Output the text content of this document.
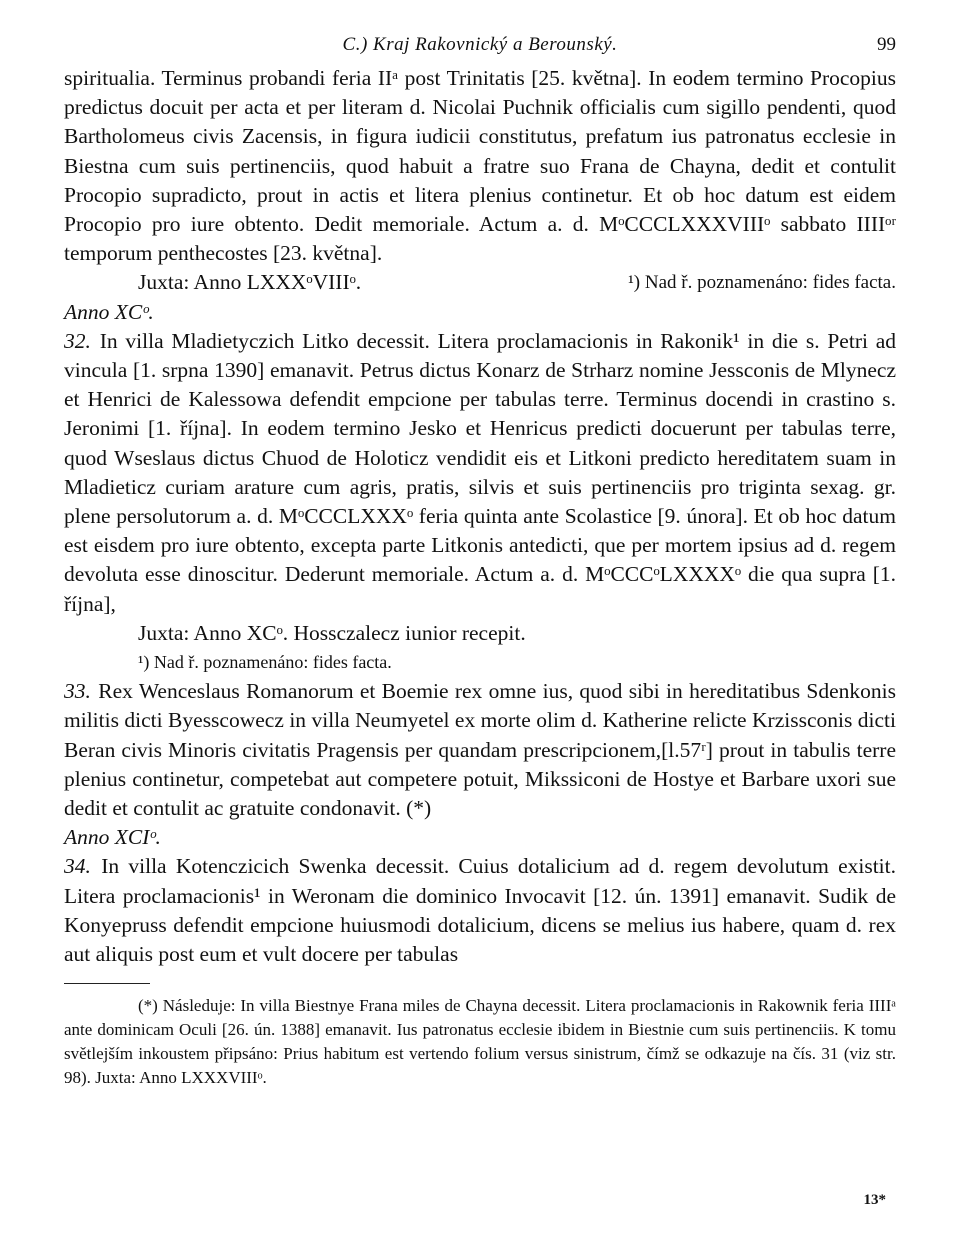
C.) Kraj Rakovnický a Berounský.	99

spiritualia. Terminus probandi feria IIᵃ post Trinitatis [25. května]. In eodem termino Procopius predictus docuit per acta et per literam d. Nicolai Puchnik officialis cum sigillo pendenti, quod Bartholomeus civis Zacensis, in figura iudicii constitutus, prefatum ius patronatus ecclesie in Biestna cum suis pertinenciis, quod habuit a fratre suo Frana de Chayna, dedit et contulit Procopio supradicto, prout in actis et litera plenius continetur. Et ob hoc datum est eidem Procopio pro iure obtento. Dedit memoriale. Actum a. d. MᵒCCCLXXXVIIIᵒ sabbato IIIIᵒʳ temporum penthecostes [23. května].

Juxta: Anno LXXXᵒVIIIᵒ.	¹) Nad ř. poznamenáno: fides facta.

Anno XCᵒ.

32. In villa Mladietyczich Litko decessit. Litera proclamacionis in Rakonik¹ in die s. Petri ad vincula [1. srpna 1390] emanavit. Petrus dictus Konarz de Strharz nomine Jessconis de Mlynecz et Henrici de Kalessowa defendit empcione per tabulas terre. Terminus docendi in crastino s. Jeronimi [1. října]. In eodem termino Jesko et Henricus predicti docuerunt per tabulas terre, quod Wseslaus dictus Chuod de Holoticz vendidit eis et Litkoni predicto hereditatem suam in Mladieticz curiam arature cum agris, pratis, silvis et suis pertinenciis pro triginta sexag. gr. plene persolutorum a. d. MᵒCCCLXXXᵒ feria quinta ante Scolastice [9. února]. Et ob hoc datum est eisdem pro iure obtento, excepta parte Litkonis antedicti, que per mortem ipsius ad d. regem devoluta esse dinoscitur. Dederunt memoriale. Actum a. d. MᵒCCCᵒLXXXXᵒ die qua supra [1. října],

Juxta: Anno XCᵒ. Hossczalecz iunior recepit.
¹) Nad ř. poznamenáno: fides facta.

33. Rex Wenceslaus Romanorum et Boemie rex omne ius, quod sibi in hereditatibus Sdenkonis militis dicti Byesscowecz in villa Neumyetel ex morte olim d. Katherine relicte Krzissconis dicti Beran civis Minoris civitatis Pragensis per quandam prescripcionem,[l.57ʳ] prout in tabulis terre plenius continetur, competebat aut competere potuit, Mikssiconi de Hostye et Barbare uxori sue dedit et contulit ac gratuite condonavit. (*)

Anno XCIᵒ.

34. In villa Kotenczicich Swenka decessit. Cuius dotalicium ad d. regem devolutum existit. Litera proclamacionis¹ in Weronam die dominico Invocavit [12. ún. 1391] emanavit. Sudik de Konyepruss defendit empcione huiusmodi dotalicium, dicens se melius ius habere, quam d. rex aut aliquis post eum et vult docere per tabulas

(*) Následuje: In villa Biestnye Frana miles de Chayna decessit. Litera proclamacionis in Rakownik feria IIIIᵃ ante dominicam Oculi [26. ún. 1388] emanavit. Ius patronatus ecclesie ibidem in Biestnie cum suis pertinenciis. K tomu světlejším inkoustem připsáno: Prius habitum est vertendo folium versus sinistrum, čímž se odkazuje na čís. 31 (viz str. 98). Juxta: Anno LXXXVIIIᵒ.

13*
